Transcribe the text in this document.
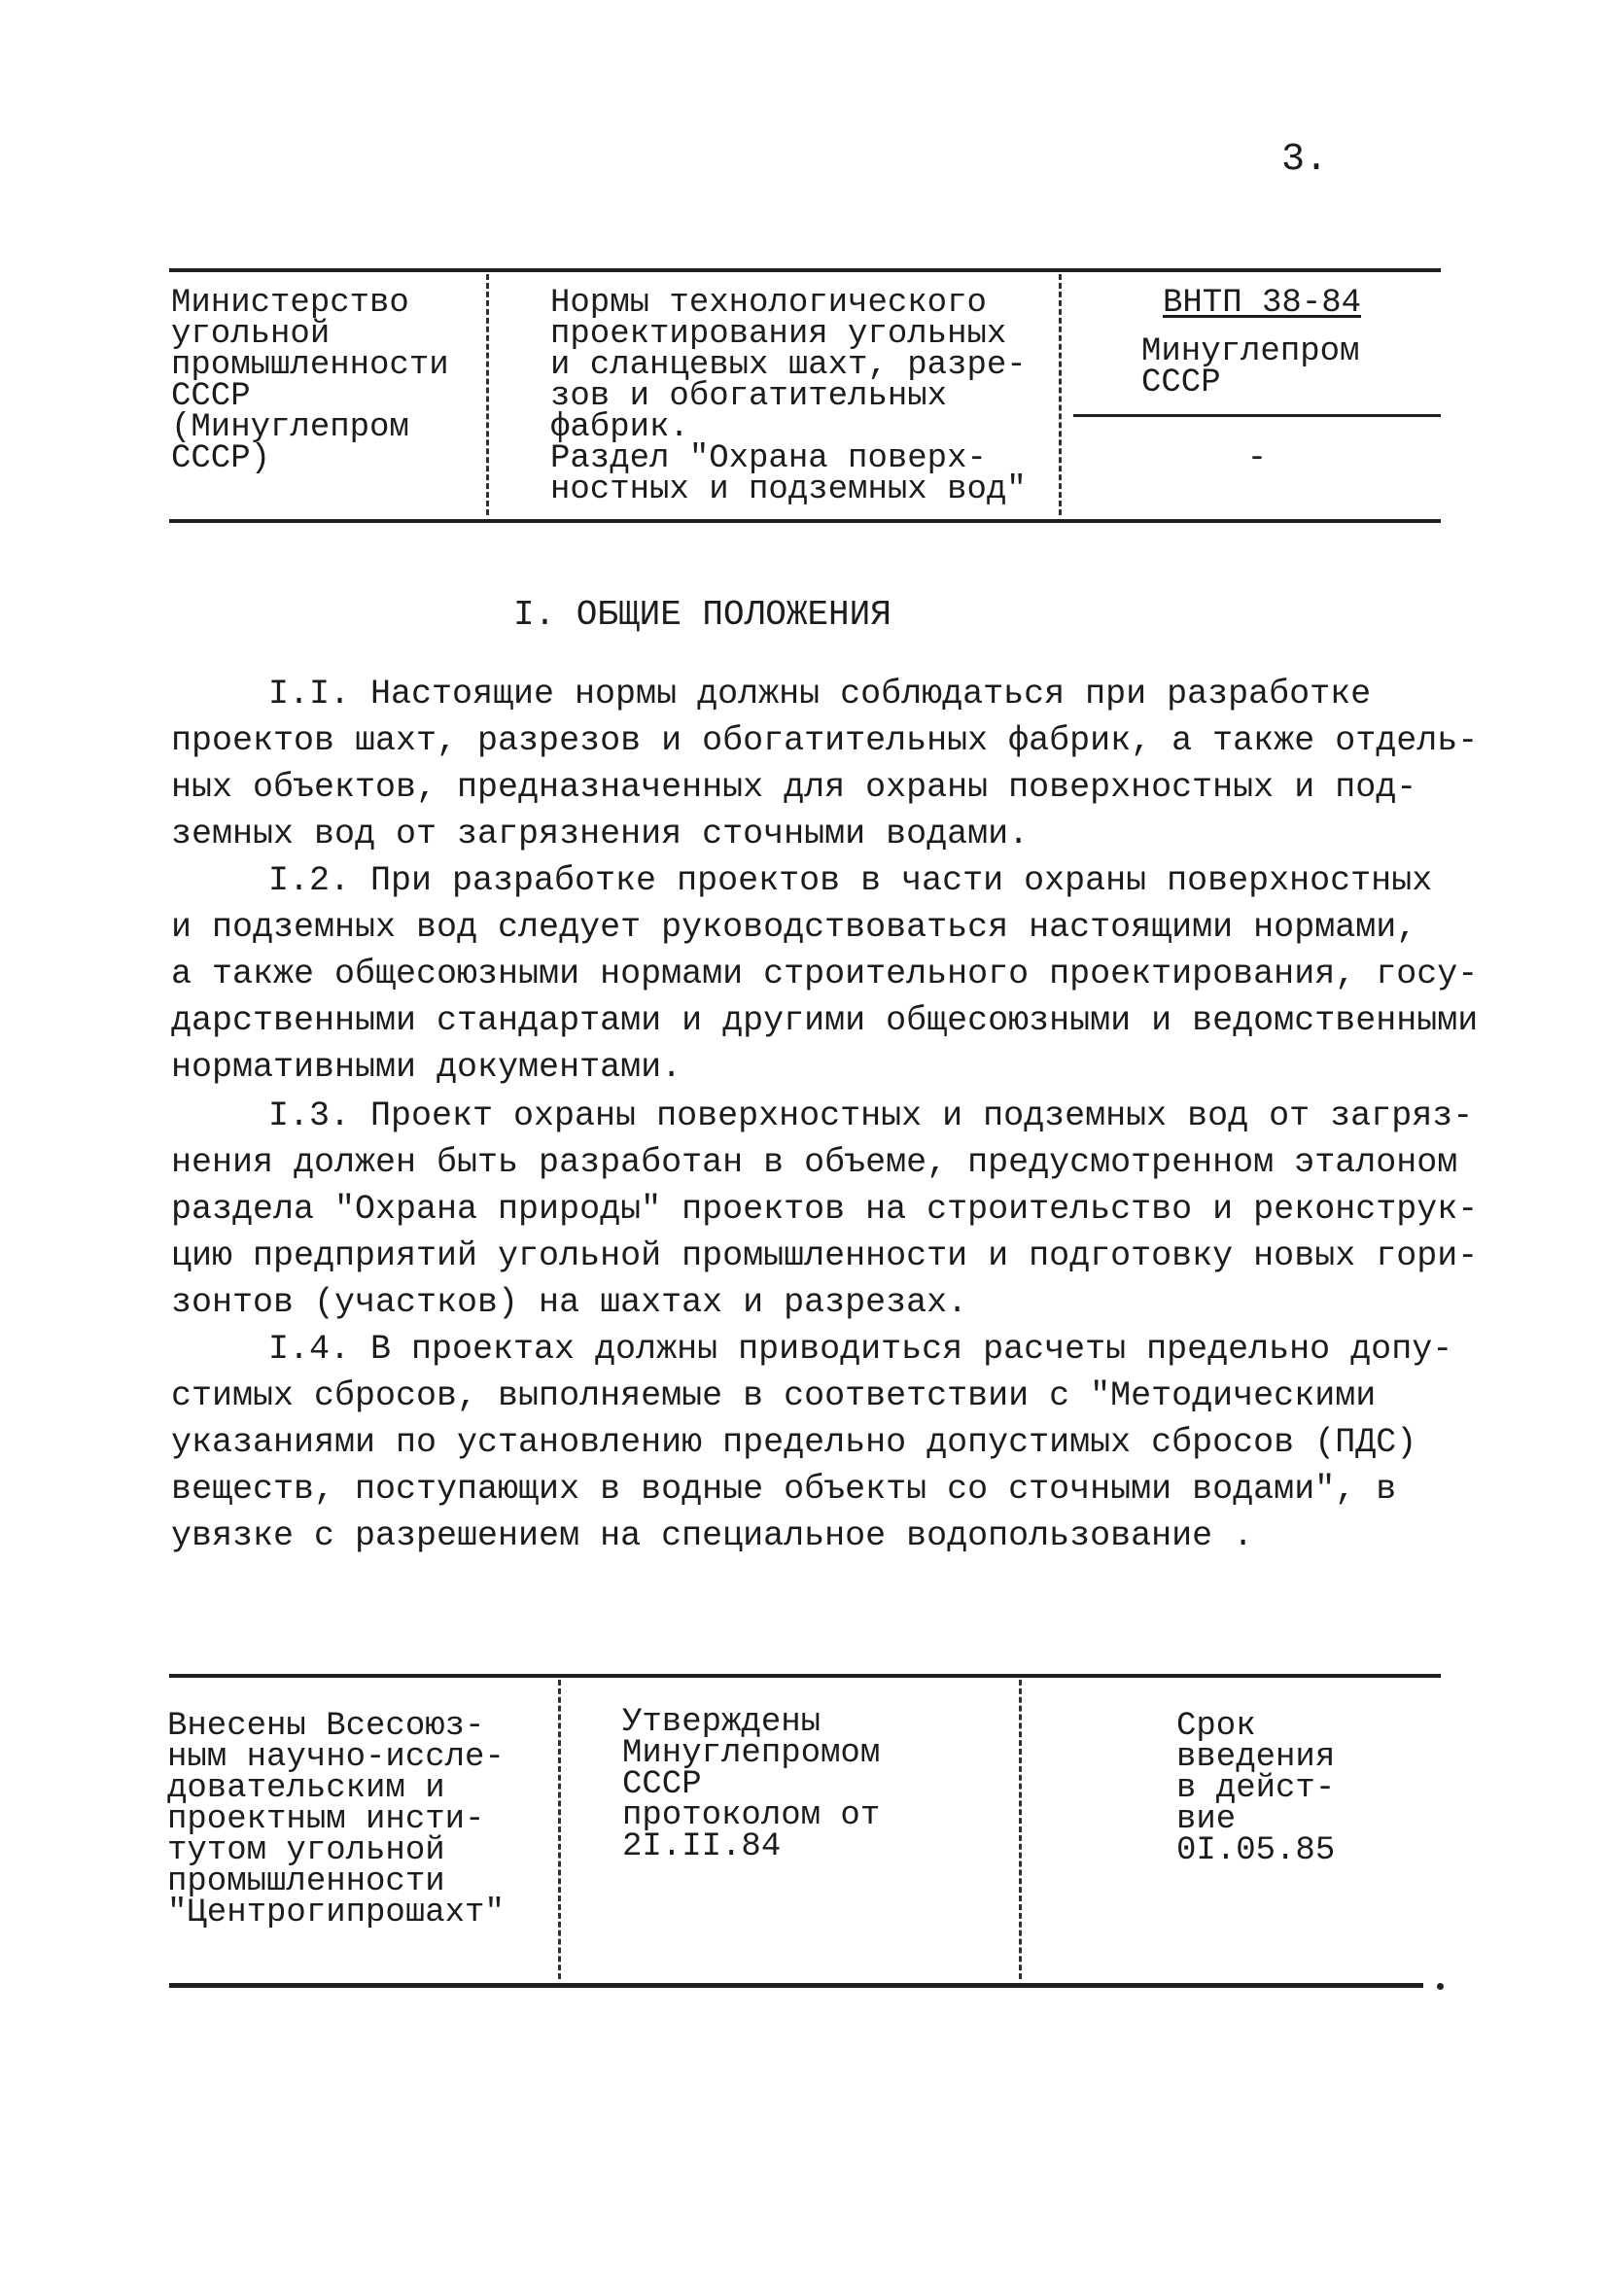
3.
Министерство
угольной
промышленности
СССР
(Минуглепром
СССР)
Нормы технологического
проектирования угольных
и сланцевых шахт, разре-
зов и обогатительных
фабрик.
Раздел "Охрана поверх-
ностных и подземных вод"
ВНТП 38-84
Минуглепром
СССР
-
I. ОБЩИЕ ПОЛОЖЕНИЯ
I.I. Настоящие нормы должны соблюдаться при разработке
проектов шахт, разрезов и обогатительных фабрик, а также отдель-
ных объектов, предназначенных для охраны поверхностных и под-
земных вод от загрязнения сточными водами.
I.2. При разработке проектов в части охраны поверхностных
и подземных вод следует руководствоваться настоящими нормами,
а также общесоюзными нормами строительного проектирования, госу-
дарственными стандартами и другими общесоюзными и ведомственными
нормативными документами.
I.3. Проект охраны поверхностных и подземных вод от загряз-
нения должен быть разработан в объеме, предусмотренном эталоном
раздела "Охрана природы" проектов на строительство и реконструк-
цию предприятий угольной промышленности и подготовку новых гори-
зонтов (участков) на шахтах и разрезах.
I.4. В проектах должны приводиться расчеты предельно допу-
стимых сбросов, выполняемые в соответствии с "Методическими
указаниями по установлению предельно допустимых сбросов (ПДС)
веществ, поступающих в водные объекты со сточными водами", в
увязке с разрешением на специальное водопользование .
Внесены Всесоюз-
ным научно-иссле-
довательским и
проектным инсти-
тутом угольной
промышленности
"Центрогипрошахт"
Утверждены
Минуглепромом
СССР
протоколом от
2I.II.84
Срок
введения
в дейст-
вие
0I.05.85
